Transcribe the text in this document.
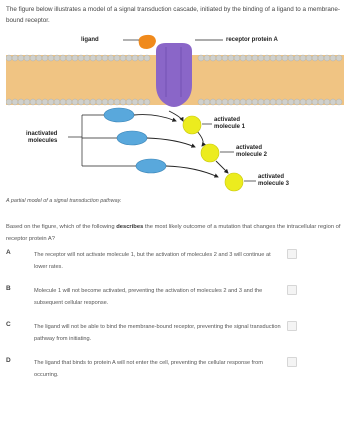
The figure below illustrates a model of a signal transduction cascade, initiated by the binding of a ligand to a membrane-bound receptor.
ligand	receptor protein A
inactivated
molecules
activated
molecule 1
activated
molecule 2
activated
molecule 3
A partial model of a signal transduction pathway.
Based on the figure, which of the following describes the most likely outcome of a mutation that changes the intracellular region of receptor protein A?
A	The receptor will not activate molecule 1, but the activation of molecules 2 and 3 will continue at lower rates.
B	Molecule 1 will not become activated, preventing the activation of molecules 2 and 3 and the subsequent cellular response.
C	The ligand will not be able to bind the membrane-bound receptor, preventing the signal transduction pathway from initiating.
D	The ligand that binds to protein A will not enter the cell, preventing the cellular response from occurring.
